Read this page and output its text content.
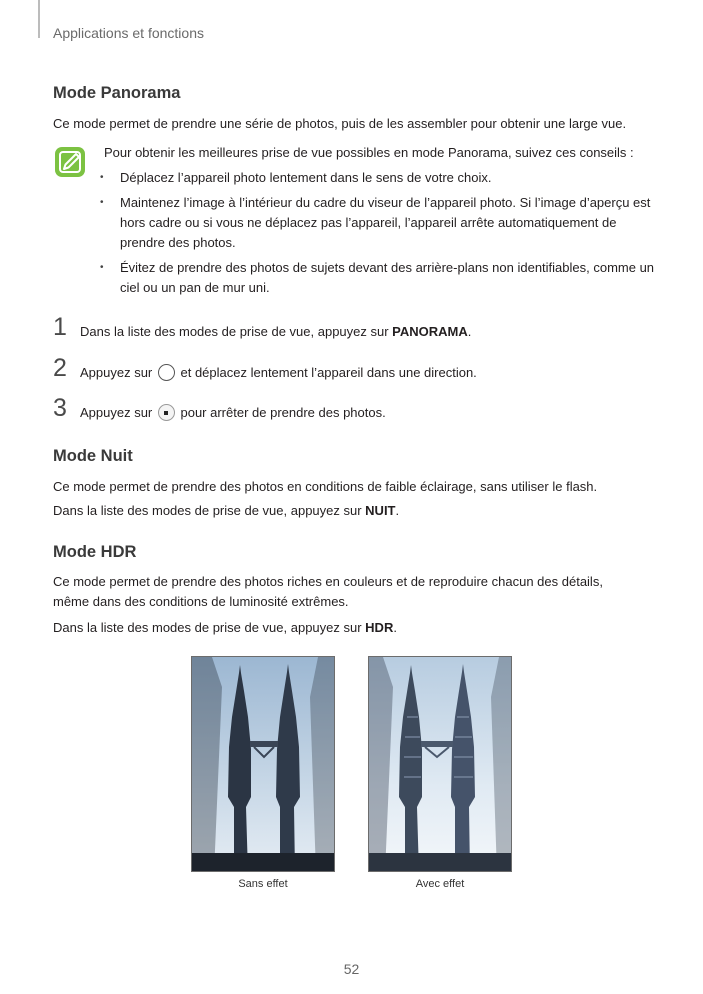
Applications et fonctions
Mode Panorama
Ce mode permet de prendre une série de photos, puis de les assembler pour obtenir une large vue.
Pour obtenir les meilleures prise de vue possibles en mode Panorama, suivez ces conseils :
• Déplacez l’appareil photo lentement dans le sens de votre choix.
• Maintenez l’image à l’intérieur du cadre du viseur de l’appareil photo. Si l’image d’aperçu est hors cadre ou si vous ne déplacez pas l’appareil, l’appareil arrête automatiquement de prendre des photos.
• Évitez de prendre des photos de sujets devant des arrière-plans non identifiables, comme un ciel ou un pan de mur uni.
1 Dans la liste des modes de prise de vue, appuyez sur PANORAMA.
2 Appuyez sur  et déplacez lentement l’appareil dans une direction.
3 Appuyez sur  pour arrêter de prendre des photos.
Mode Nuit
Ce mode permet de prendre des photos en conditions de faible éclairage, sans utiliser le flash.
Dans la liste des modes de prise de vue, appuyez sur NUIT.
Mode HDR
Ce mode permet de prendre des photos riches en couleurs et de reproduire chacun des détails, même dans des conditions de luminosité extrêmes.
Dans la liste des modes de prise de vue, appuyez sur HDR.
Sans effet	Avec effet
52
